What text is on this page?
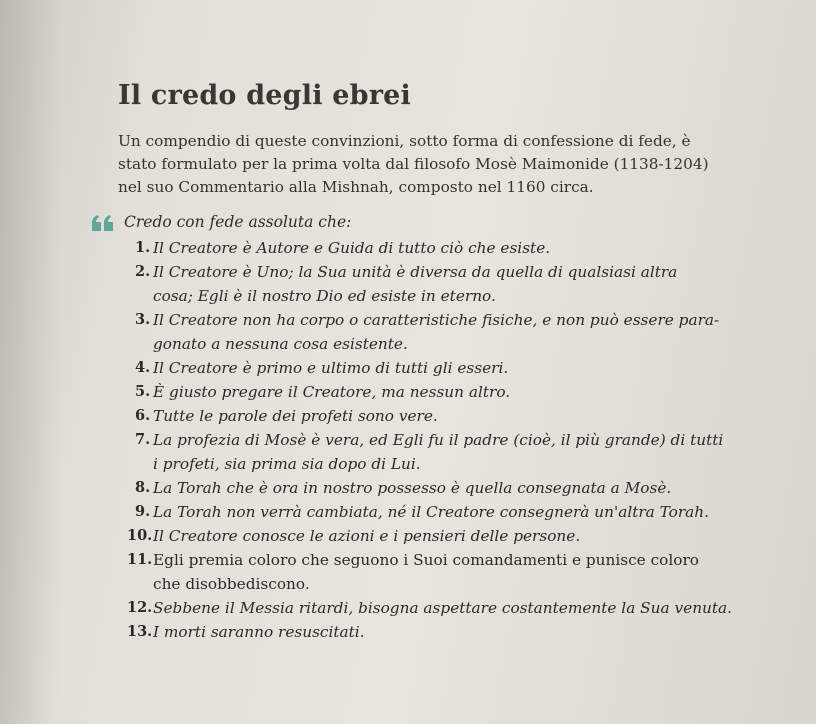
Il credo degli ebrei

Un compendio di queste convinzioni, sotto forma di confessione di fede, è
stato formulato per la prima volta dal filosofo Mosè Maimonide (1138-1204)
nel suo Commentario alla Mishnah, composto nel 1160 circa.

Credo con fede assoluta che:

1. Il Creatore è Autore e Guida di tutto ciò che esiste.
2. Il Creatore è Uno; la Sua unità è diversa da quella di qualsiasi altra
cosa; Egli è il nostro Dio ed esiste in eterno.
3. Il Creatore non ha corpo o caratteristiche fisiche, e non può essere para-
gonato a nessuna cosa esistente.
4. Il Creatore è primo e ultimo di tutti gli esseri.
5. È giusto pregare il Creatore, ma nessun altro.
6. Tutte le parole dei profeti sono vere.
7. La profezia di Mosè è vera, ed Egli fu il padre (cioè, il più grande) di tutti
i profeti, sia prima sia dopo di Lui.
8. La Torah che è ora in nostro possesso è quella consegnata a Mosè.
9. La Torah non verrà cambiata, né il Creatore consegnerà un'altra Torah.
10. Il Creatore conosce le azioni e i pensieri delle persone.
11. Egli premia coloro che seguono i Suoi comandamenti e punisce coloro
che disobbediscono.
12. Sebbene il Messia ritardi, bisogna aspettare costantemente la Sua venuta.
13. I morti saranno resuscitati.
